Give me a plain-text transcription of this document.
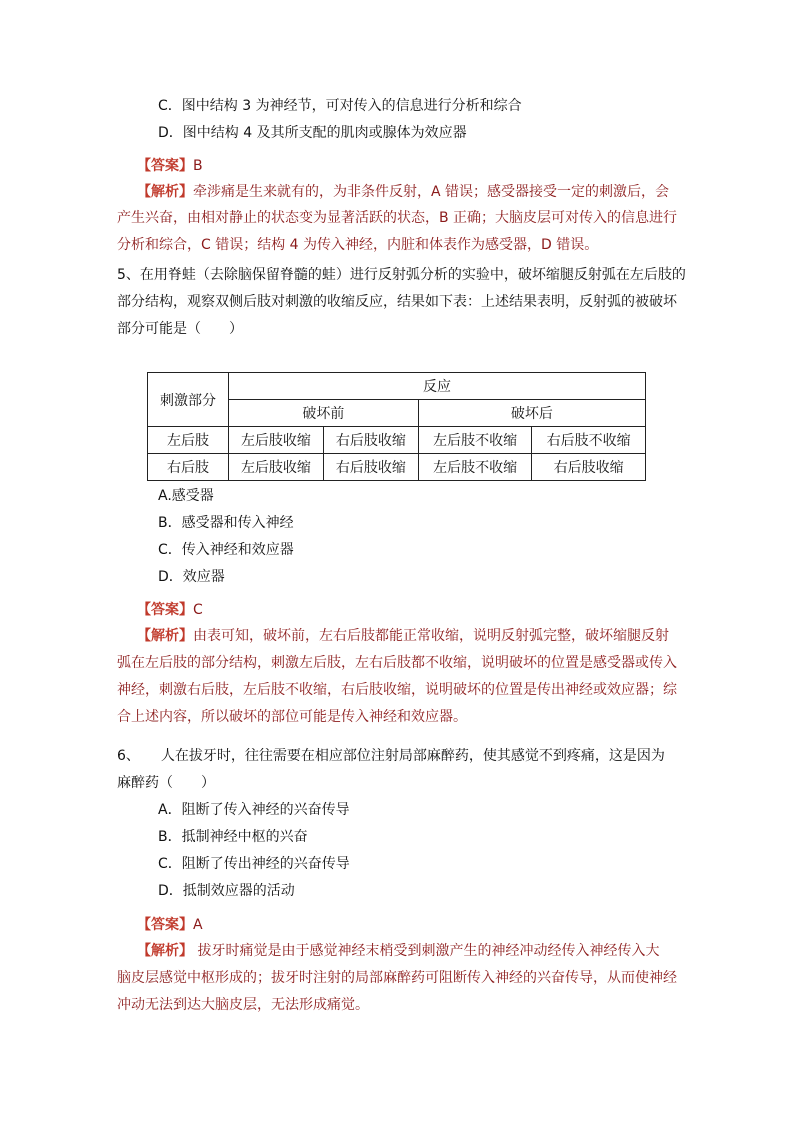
C．图中结构 3 为神经节，可对传入的信息进行分析和综合
D．图中结构 4 及其所支配的肌肉或腺体为效应器
【答案】B
【解析】牵涉痛是生来就有的，为非条件反射，A 错误；感受器接受一定的刺激后，会
产生兴奋，由相对静止的状态变为显著活跃的状态，B 正确；大脑皮层可对传入的信息进行
分析和综合，C 错误；结构 4 为传入神经，内脏和体表作为感受器，D 错误。
5、在用脊蛙（去除脑保留脊髓的蛙）进行反射弧分析的实验中，破坏缩腿反射弧在左后肢的
部分结构，观察双侧后肢对刺激的收缩反应，结果如下表：上述结果表明，反射弧的被破坏
部分可能是（　　）
刺激部分	反应			
	破坏前		破坏后	
左后肢	左后肢收缩	右后肢收缩	左后肢不收缩	右后肢不收缩
右后肢	左后肢收缩	右后肢收缩	左后肢不收缩	右后肢收缩
A.感受器
B．感受器和传入神经
C．传入神经和效应器
D．效应器
【答案】C
【解析】由表可知，破坏前，左右后肢都能正常收缩，说明反射弧完整，破坏缩腿反射
弧在左后肢的部分结构，刺激左后肢，左右后肢都不收缩，说明破坏的位置是感受器或传入
神经，刺激右后肢，左后肢不收缩，右后肢收缩，说明破坏的位置是传出神经或效应器；综
合上述内容，所以破坏的部位可能是传入神经和效应器。
6、　　人在拔牙时，往往需要在相应部位注射局部麻醉药，使其感觉不到疼痛，这是因为
麻醉药（　　）
A．阻断了传入神经的兴奋传导
B．抵制神经中枢的兴奋
C．阻断了传出神经的兴奋传导
D．抵制效应器的活动
【答案】A
【解析】 拔牙时痛觉是由于感觉神经末梢受到刺激产生的神经冲动经传入神经传入大
脑皮层感觉中枢形成的；拔牙时注射的局部麻醉药可阻断传入神经的兴奋传导，从而使神经
冲动无法到达大脑皮层，无法形成痛觉。
